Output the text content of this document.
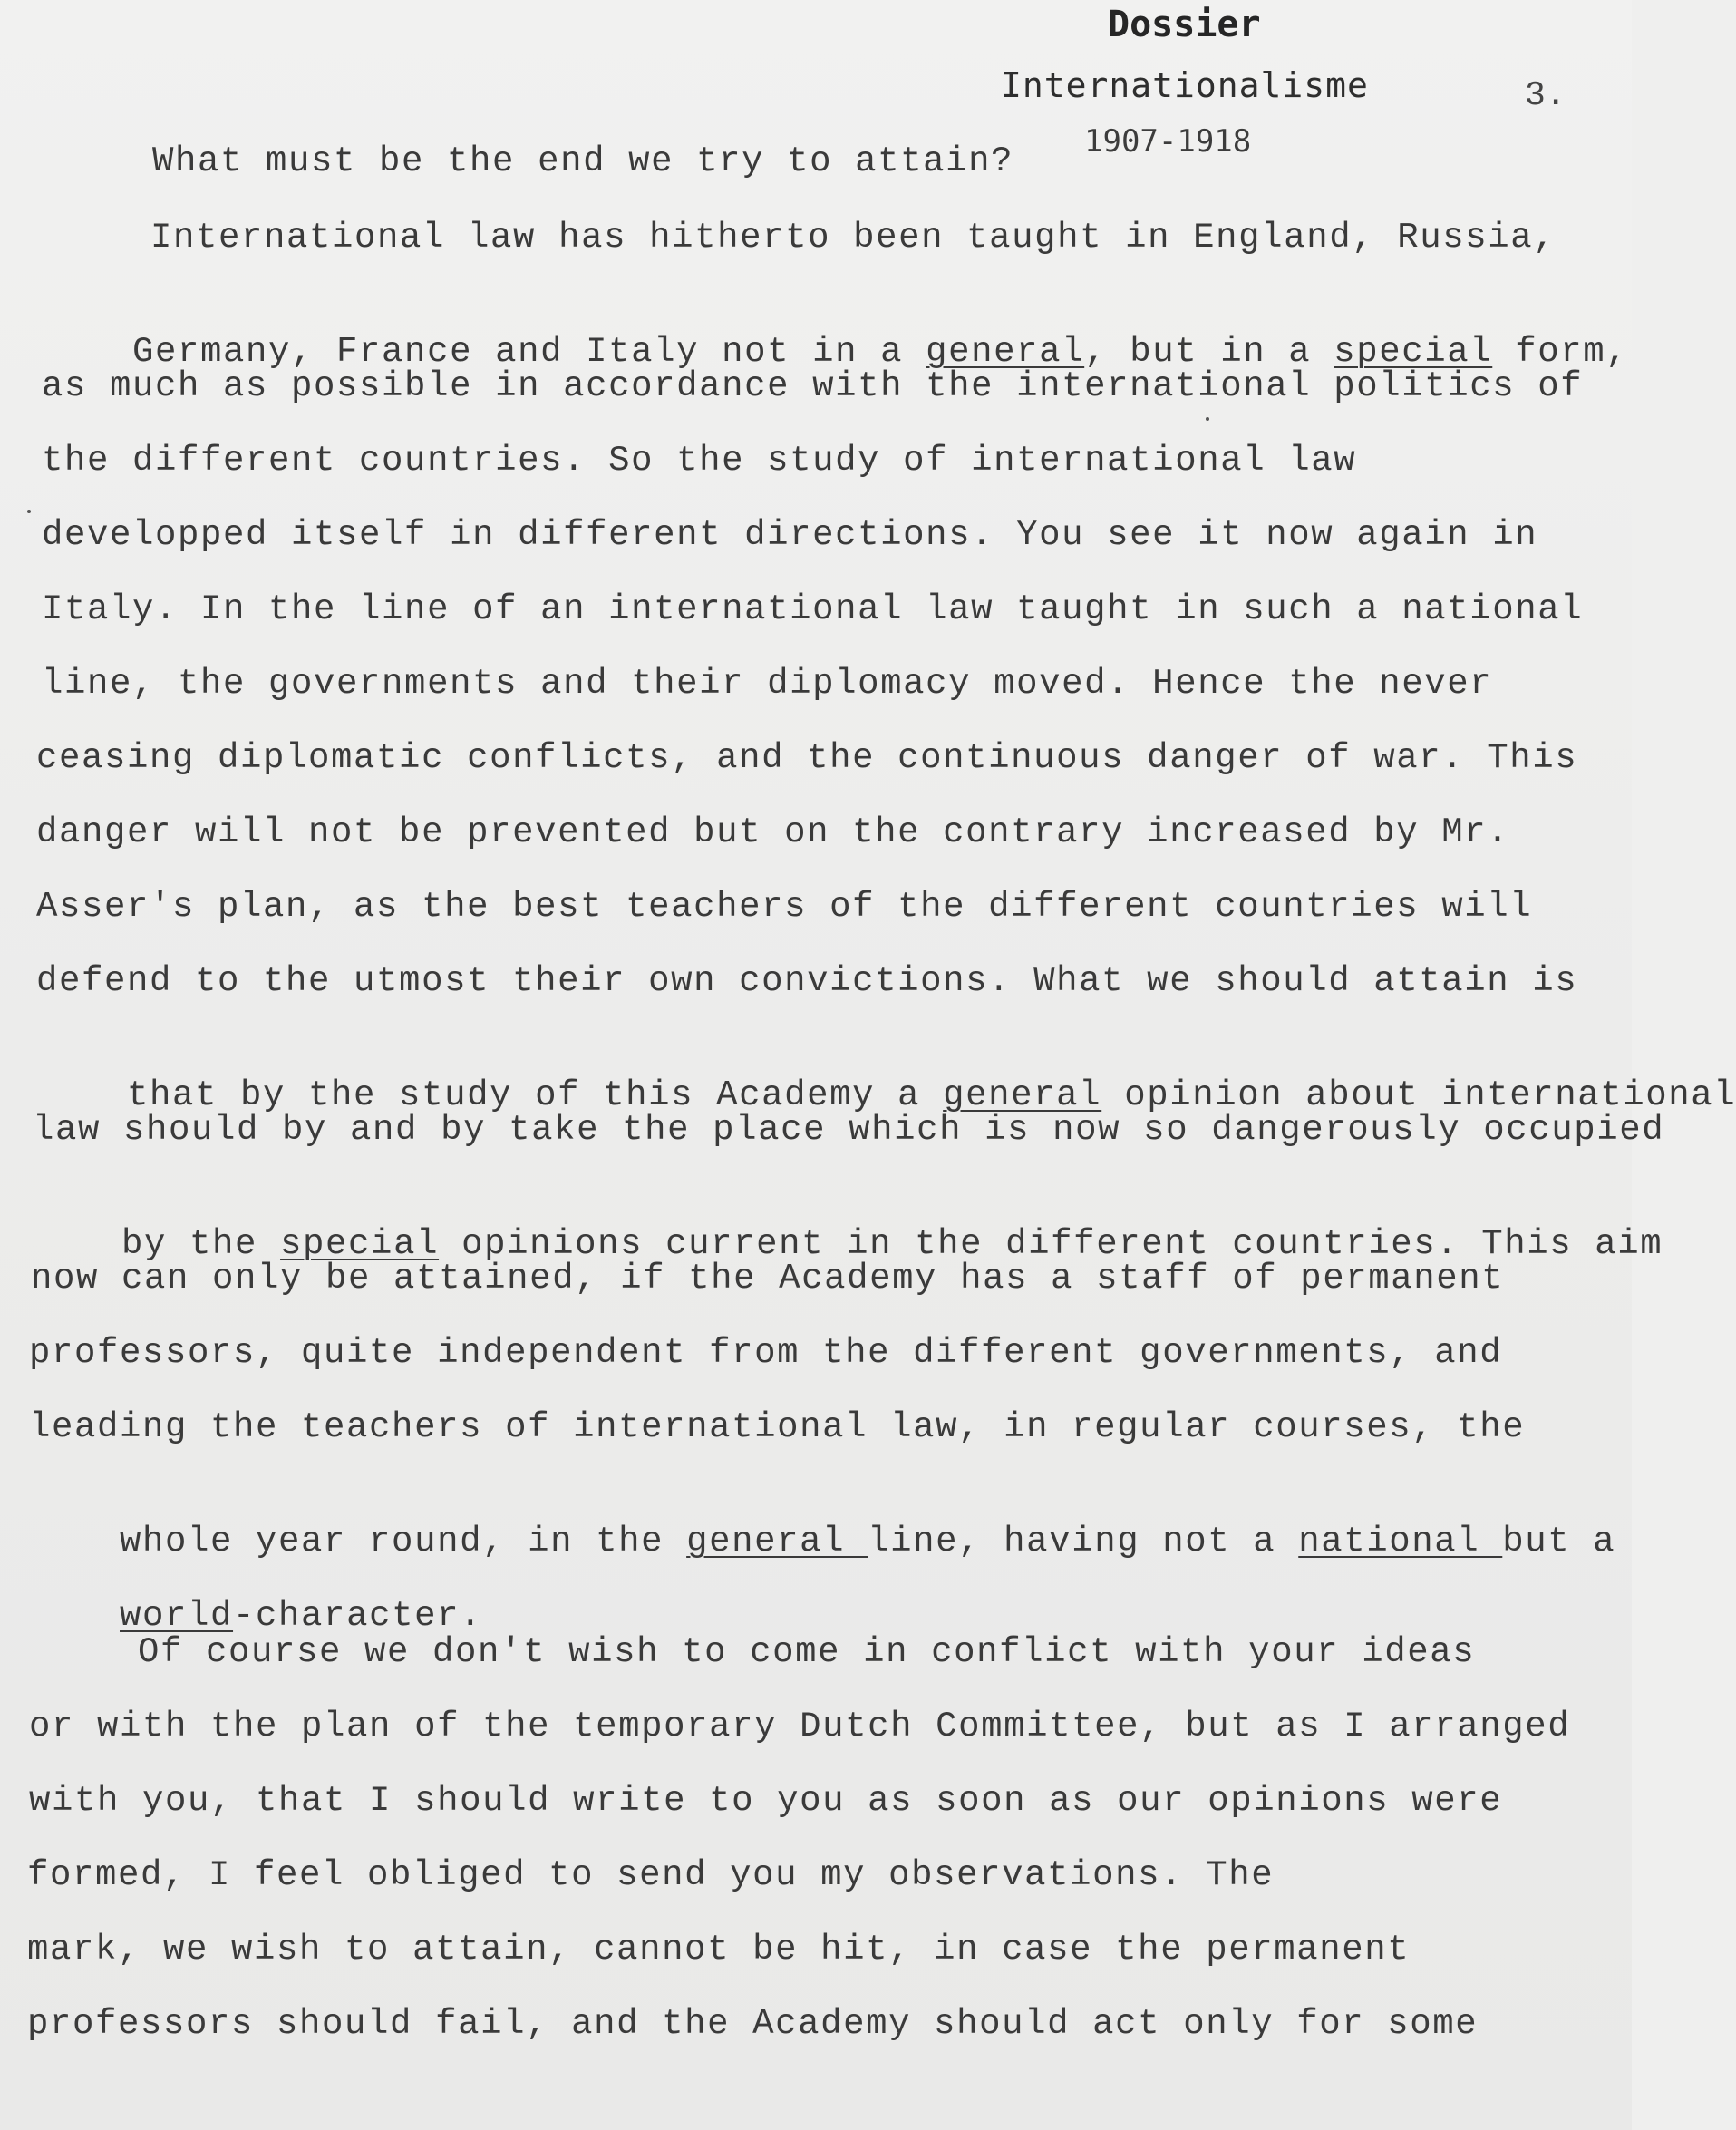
Dossier
Internationalisme
1907-1918
3.
What must be the end we try to attain?
International law has hitherto been taught in England, Russia,

Germany, France and Italy not in a general, but in a special form,

as much as possible in accordance with the international politics of
the different countries. So the study of international law
developped itself in different directions. You see it now again in
Italy. In the line of an international law taught in such a national
line, the governments and their diplomacy moved. Hence the never
ceasing diplomatic conflicts, and the continuous danger of war. This
danger will not be prevented but on the contrary increased by Mr.
Asser's plan, as the best teachers of the different countries will
defend to the utmost their own convictions. What we should attain is

that by the study of this Academy a general opinion about international

law should by and by take the place which is now so dangerously occupied

by the special opinions current in the different countries. This aim

now can only be attained, if the Academy has a staff of permanent
professors, quite independent from the different governments, and
leading the teachers of international law, in regular courses, the

whole year round, in the general line, having not a national but a

world-character.

Of course we don't wish to come in conflict with your ideas
or with the plan of the temporary Dutch Committee, but as I arranged
with you, that I should write to you as soon as our opinions were
formed, I feel obliged to send you my observations. The
mark, we wish to attain, cannot be hit, in case the permanent
professors should fail, and the Academy should act only for some
